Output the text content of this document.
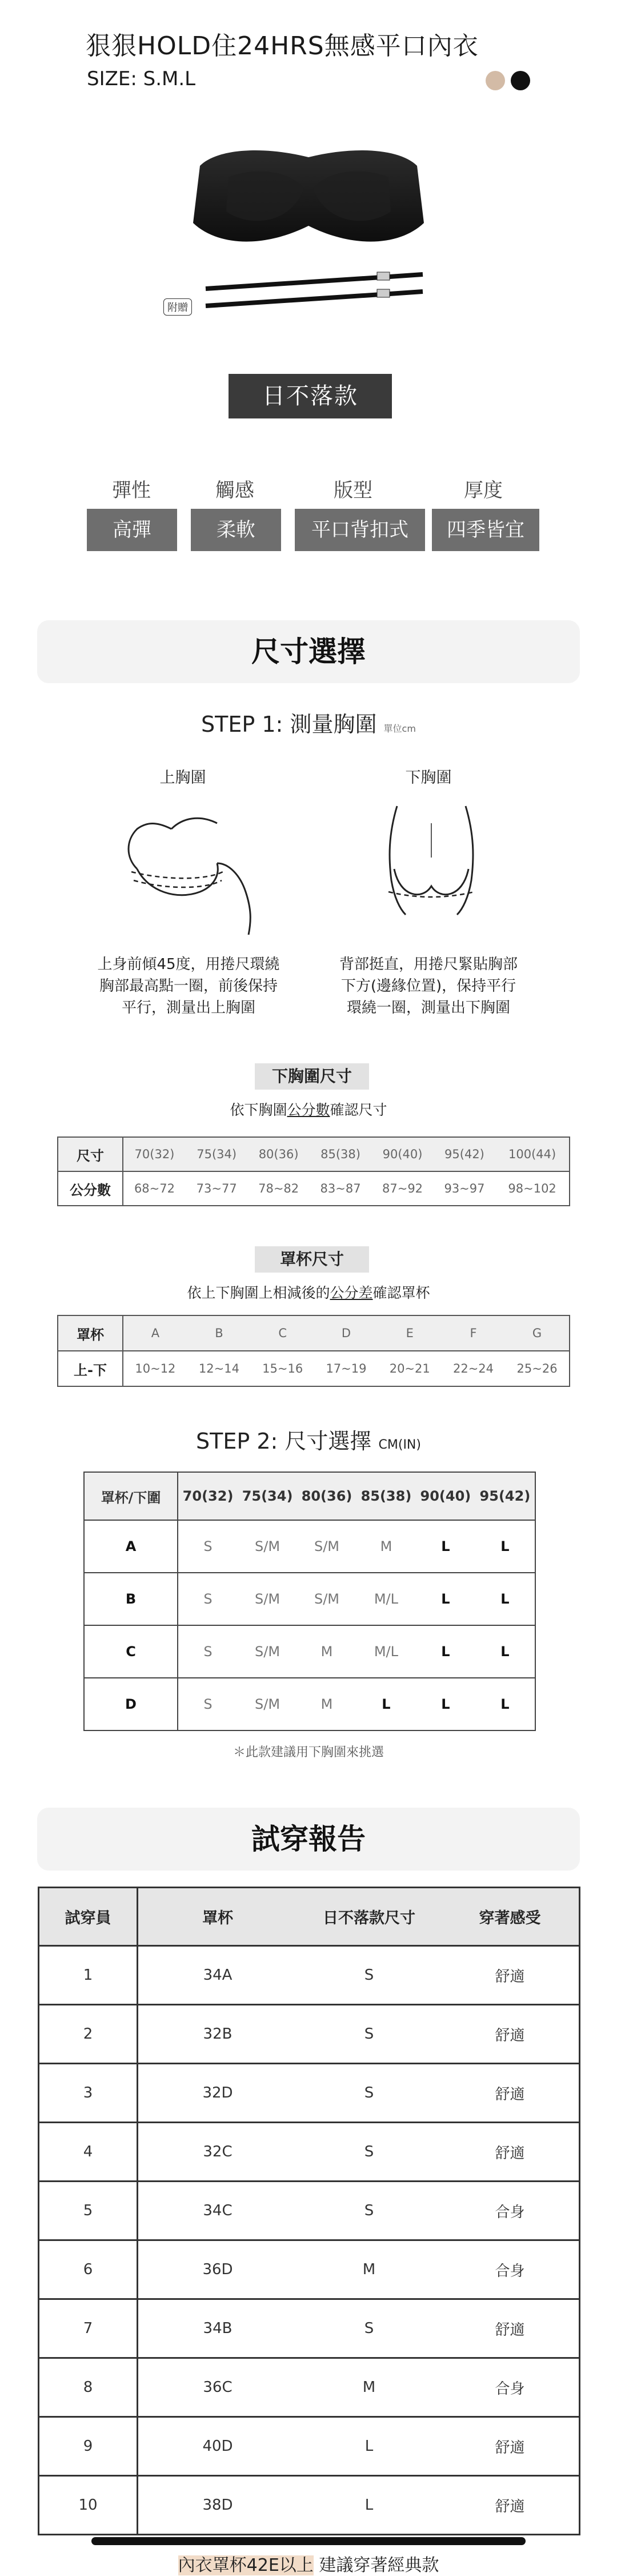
狠狠HOLD住24HRS無感平口內衣
SIZE: S.M.L
附贈
日不落款
彈性	觸感	版型	厚度
高彈	柔軟	平口背扣式	四季皆宜
尺寸選擇
STEP 1: 測量胸圍 單位cm
上胸圍	下胸圍
上身前傾45度，用捲尺環繞
胸部最高點一圈，前後保持
平行，測量出上胸圍
背部挺直，用捲尺緊貼胸部
下方(邊緣位置)，保持平行
環繞一圈，測量出下胸圍
下胸圍尺寸
依下胸圍公分數確認尺寸
尺寸	70(32)	75(34)	80(36)	85(38)	90(40)	95(42)	100(44)
公分數	68~72	73~77	78~82	83~87	87~92	93~97	98~102
罩杯尺寸
依上下胸圍上相減後的公分差確認罩杯
罩杯	A	B	C	D	E	F	G
上-下	10~12	12~14	15~16	17~19	20~21	22~24	25~26
STEP 2: 尺寸選擇 CM(IN)
罩杯/下圍	70(32)	75(34)	80(36)	85(38)	90(40)	95(42)
A	S	S/M	S/M	M	L	L
B	S	S/M	S/M	M/L	L	L
C	S	S/M	M	M/L	L	L
D	S	S/M	M	L	L	L
＊此款建議用下胸圍來挑選
試穿報告
試穿員	罩杯	日不落款尺寸	穿著感受
1	34A	S	舒適
2	32B	S	舒適
3	32D	S	舒適
4	32C	S	舒適
5	34C	S	合身
6	36D	M	合身
7	34B	S	舒適
8	36C	M	合身
9	40D	L	舒適
10	38D	L	舒適
內衣罩杯42E以上 建議穿著經典款
